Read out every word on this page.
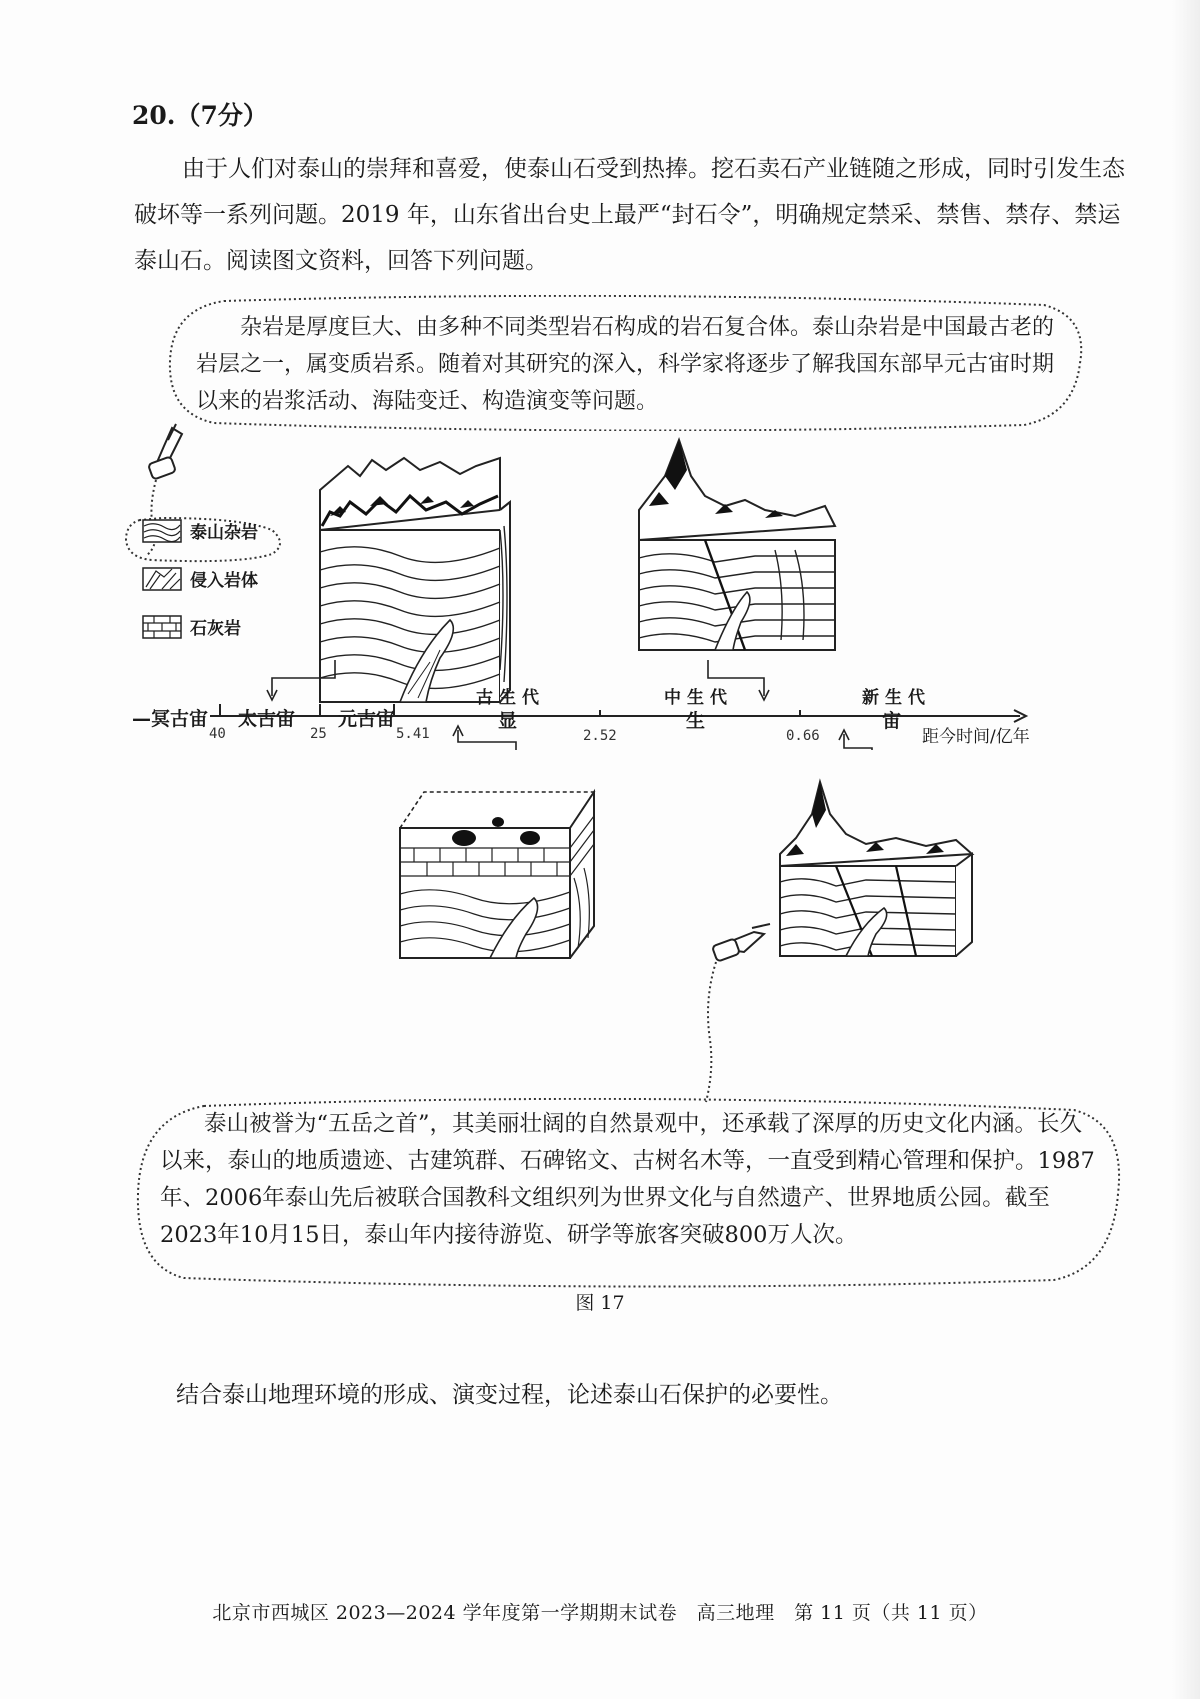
20.（7分）

由于人们对泰山的崇拜和喜爱，使泰山石受到热捧。挖石卖石产业链随之形成，同时引发生态破坏等一系列问题。2019 年，山东省出台史上最严“封石令”，明确规定禁采、禁售、禁存、禁运泰山石。阅读图文资料，回答下列问题。

杂岩是厚度巨大、由多种不同类型岩石构成的岩石复合体。泰山杂岩是中国最古老的岩层之一，属变质岩系。随着对其研究的深入，科学家将逐步了解我国东部早元古宙时期以来的岩浆活动、海陆变迁、构造演变等问题。

泰山杂岩
侵入岩体
石灰岩
—冥古宙 太古宙 元古宙	显	生	宙
古生代	中生代	新生代
40	25	5.41	2.52	0.66	距今时间/亿年

泰山被誉为“五岳之首”，其美丽壮阔的自然景观中，还承载了深厚的历史文化内涵。长久以来，泰山的地质遗迹、古建筑群、石碑铭文、古树名木等，一直受到精心管理和保护。1987年、2006年泰山先后被联合国教科文组织列为世界文化与自然遗产、世界地质公园。截至2023年10月15日，泰山年内接待游览、研学等旅客突破800万人次。

图 17
结合泰山地理环境的形成、演变过程，论述泰山石保护的必要性。
北京市西城区 2023—2024 学年度第一学期期末试卷　高三地理　第 11 页（共 11 页）
